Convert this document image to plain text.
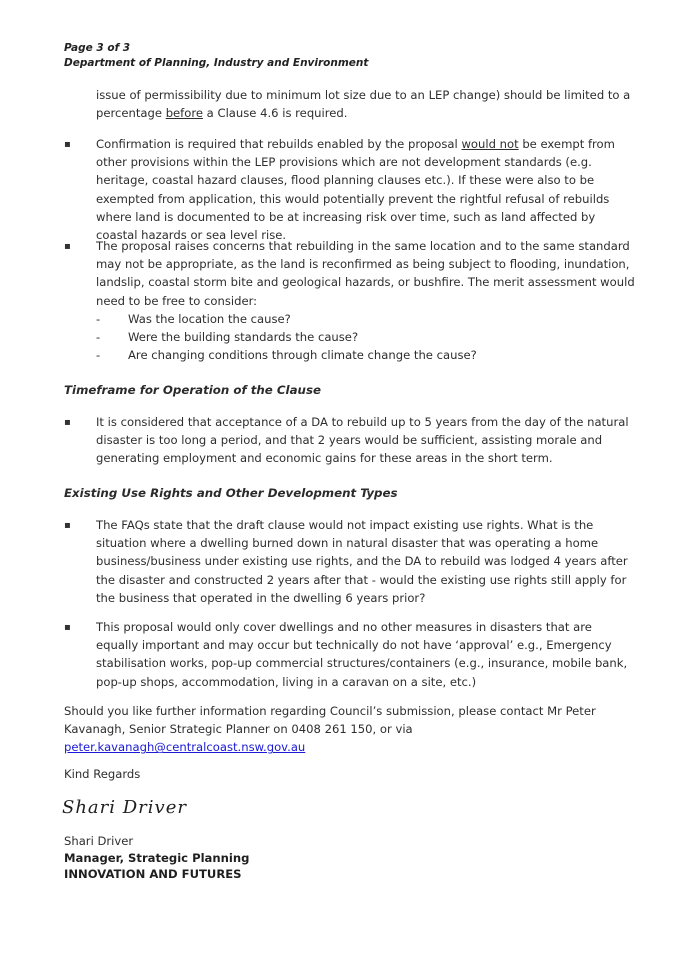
Page 3 of 3
Department of Planning, Industry and Environment

issue of permissibility due to minimum lot size due to an LEP change) should be limited to a percentage before a Clause 4.6 is required.

▪ Confirmation is required that rebuilds enabled by the proposal would not be exempt from other provisions within the LEP provisions which are not development standards (e.g. heritage, coastal hazard clauses, flood planning clauses etc.). If these were also to be exempted from application, this would potentially prevent the rightful refusal of rebuilds where land is documented to be at increasing risk over time, such as land affected by coastal hazards or sea level rise.

▪ The proposal raises concerns that rebuilding in the same location and to the same standard may not be appropriate, as the land is reconfirmed as being subject to flooding, inundation, landslip, coastal storm bite and geological hazards, or bushfire. The merit assessment would need to be free to consider:

- Was the location the cause?
- Were the building standards the cause?
- Are changing conditions through climate change the cause?
Timeframe for Operation of the Clause
▪ It is considered that acceptance of a DA to rebuild up to 5 years from the day of the natural disaster is too long a period, and that 2 years would be sufficient, assisting morale and generating employment and economic gains for these areas in the short term.

Existing Use Rights and Other Development Types
▪ The FAQs state that the draft clause would not impact existing use rights. What is the situation where a dwelling burned down in natural disaster that was operating a home business/business under existing use rights, and the DA to rebuild was lodged 4 years after the disaster and constructed 2 years after that - would the existing use rights still apply for the business that operated in the dwelling 6 years prior?

▪ This proposal would only cover dwellings and no other measures in disasters that are equally important and may occur but technically do not have ‘approval’ e.g., Emergency stabilisation works, pop-up commercial structures/containers (e.g., insurance, mobile bank, pop-up shops, accommodation, living in a caravan on a site, etc.)

Should you like further information regarding Council’s submission, please contact Mr Peter Kavanagh, Senior Strategic Planner on 0408 261 150, or via peter.kavanagh@centralcoast.nsw.gov.au

Kind Regards
Shari Driver
Shari Driver
Manager, Strategic Planning
INNOVATION AND FUTURES
